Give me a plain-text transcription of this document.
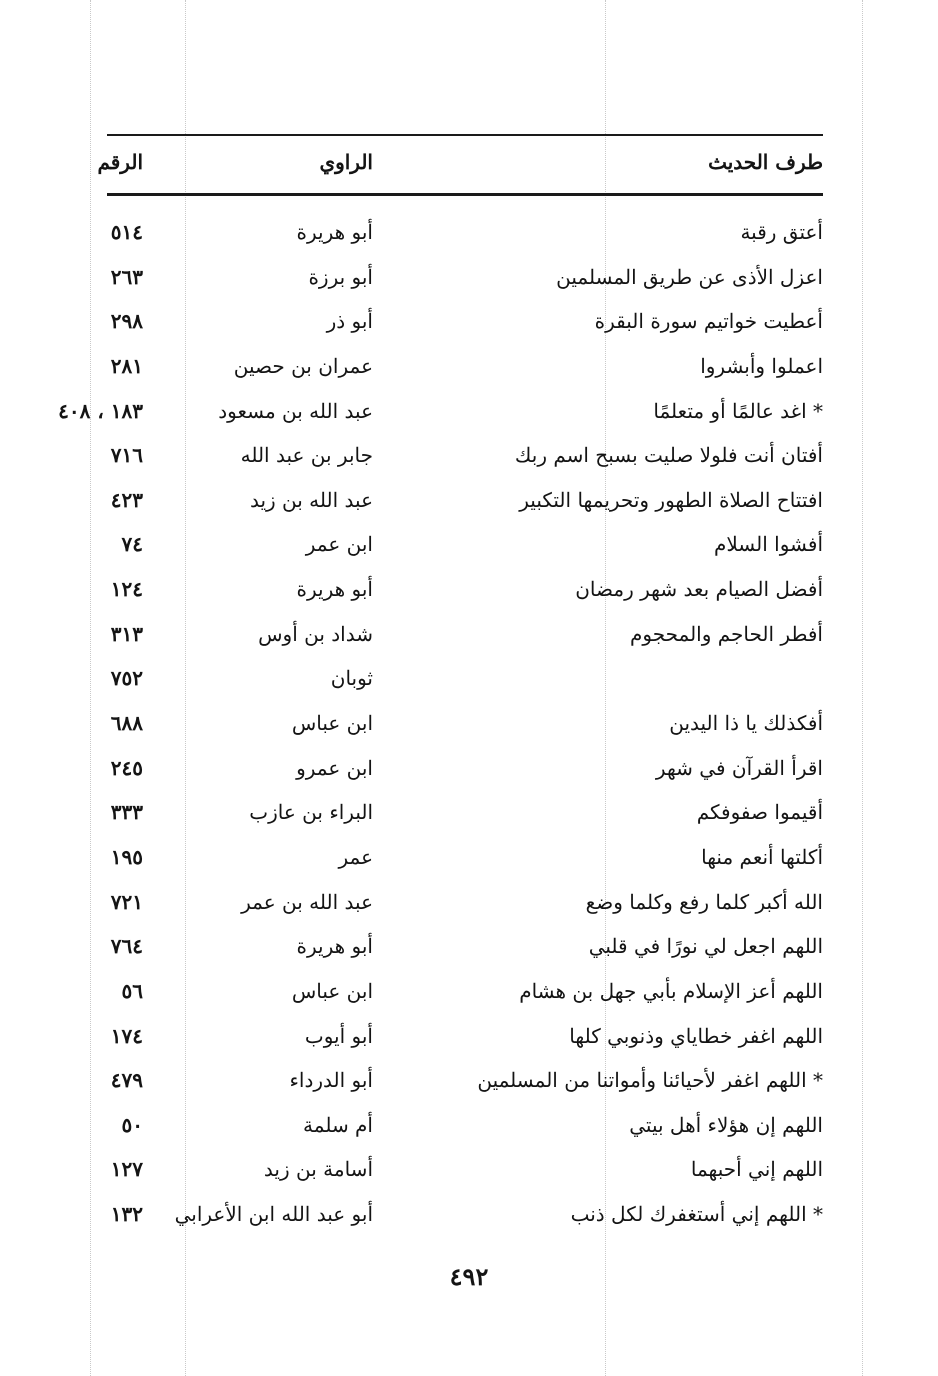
طرف الحديث
الراوي
الرقم
أعتق رقبة
أبو هريرة
٥١٤
اعزل الأذى عن طريق المسلمين
أبو برزة
٢٦٣
أعطيت خواتيم سورة البقرة
أبو ذر
٢٩٨
اعملوا وأبشروا
عمران بن حصين
٢٨١
* اغد عالمًا أو متعلمًا
عبد الله بن مسعود
١٨٣ ، ٤٠٨
أفتان أنت فلولا صليت بسبح اسم ربك
جابر بن عبد الله
٧١٦
افتتاح الصلاة الطهور وتحريمها التكبير
عبد الله بن زيد
٤٢٣
أفشوا السلام
ابن عمر
٧٤
أفضل الصيام بعد شهر رمضان
أبو هريرة
١٢٤
أفطر الحاجم والمحجوم
شداد بن أوس
٣١٣
ثوبان
٧٥٢
أفكذلك يا ذا اليدين
ابن عباس
٦٨٨
اقرأ القرآن في شهر
ابن عمرو
٢٤٥
أقيموا صفوفكم
البراء بن عازب
٣٣٣
أكلتها أنعم منها
عمر
١٩٥
الله أكبر كلما رفع وكلما وضع
عبد الله بن عمر
٧٢١
اللهم اجعل لي نورًا في قلبي
أبو هريرة
٧٦٤
اللهم أعز الإسلام بأبي جهل بن هشام
ابن عباس
٥٦
اللهم اغفر خطاياي وذنوبي كلها
أبو أيوب
١٧٤
* اللهم اغفر لأحيائنا وأمواتنا من المسلمين
أبو الدرداء
٤٧٩
اللهم إن هؤلاء أهل بيتي
أم سلمة
٥٠
اللهم إني أحبهما
أسامة بن زيد
١٢٧
* اللهم إني أستغفرك لكل ذنب
أبو عبد الله ابن الأعرابي
١٣٢
٤٩٢
